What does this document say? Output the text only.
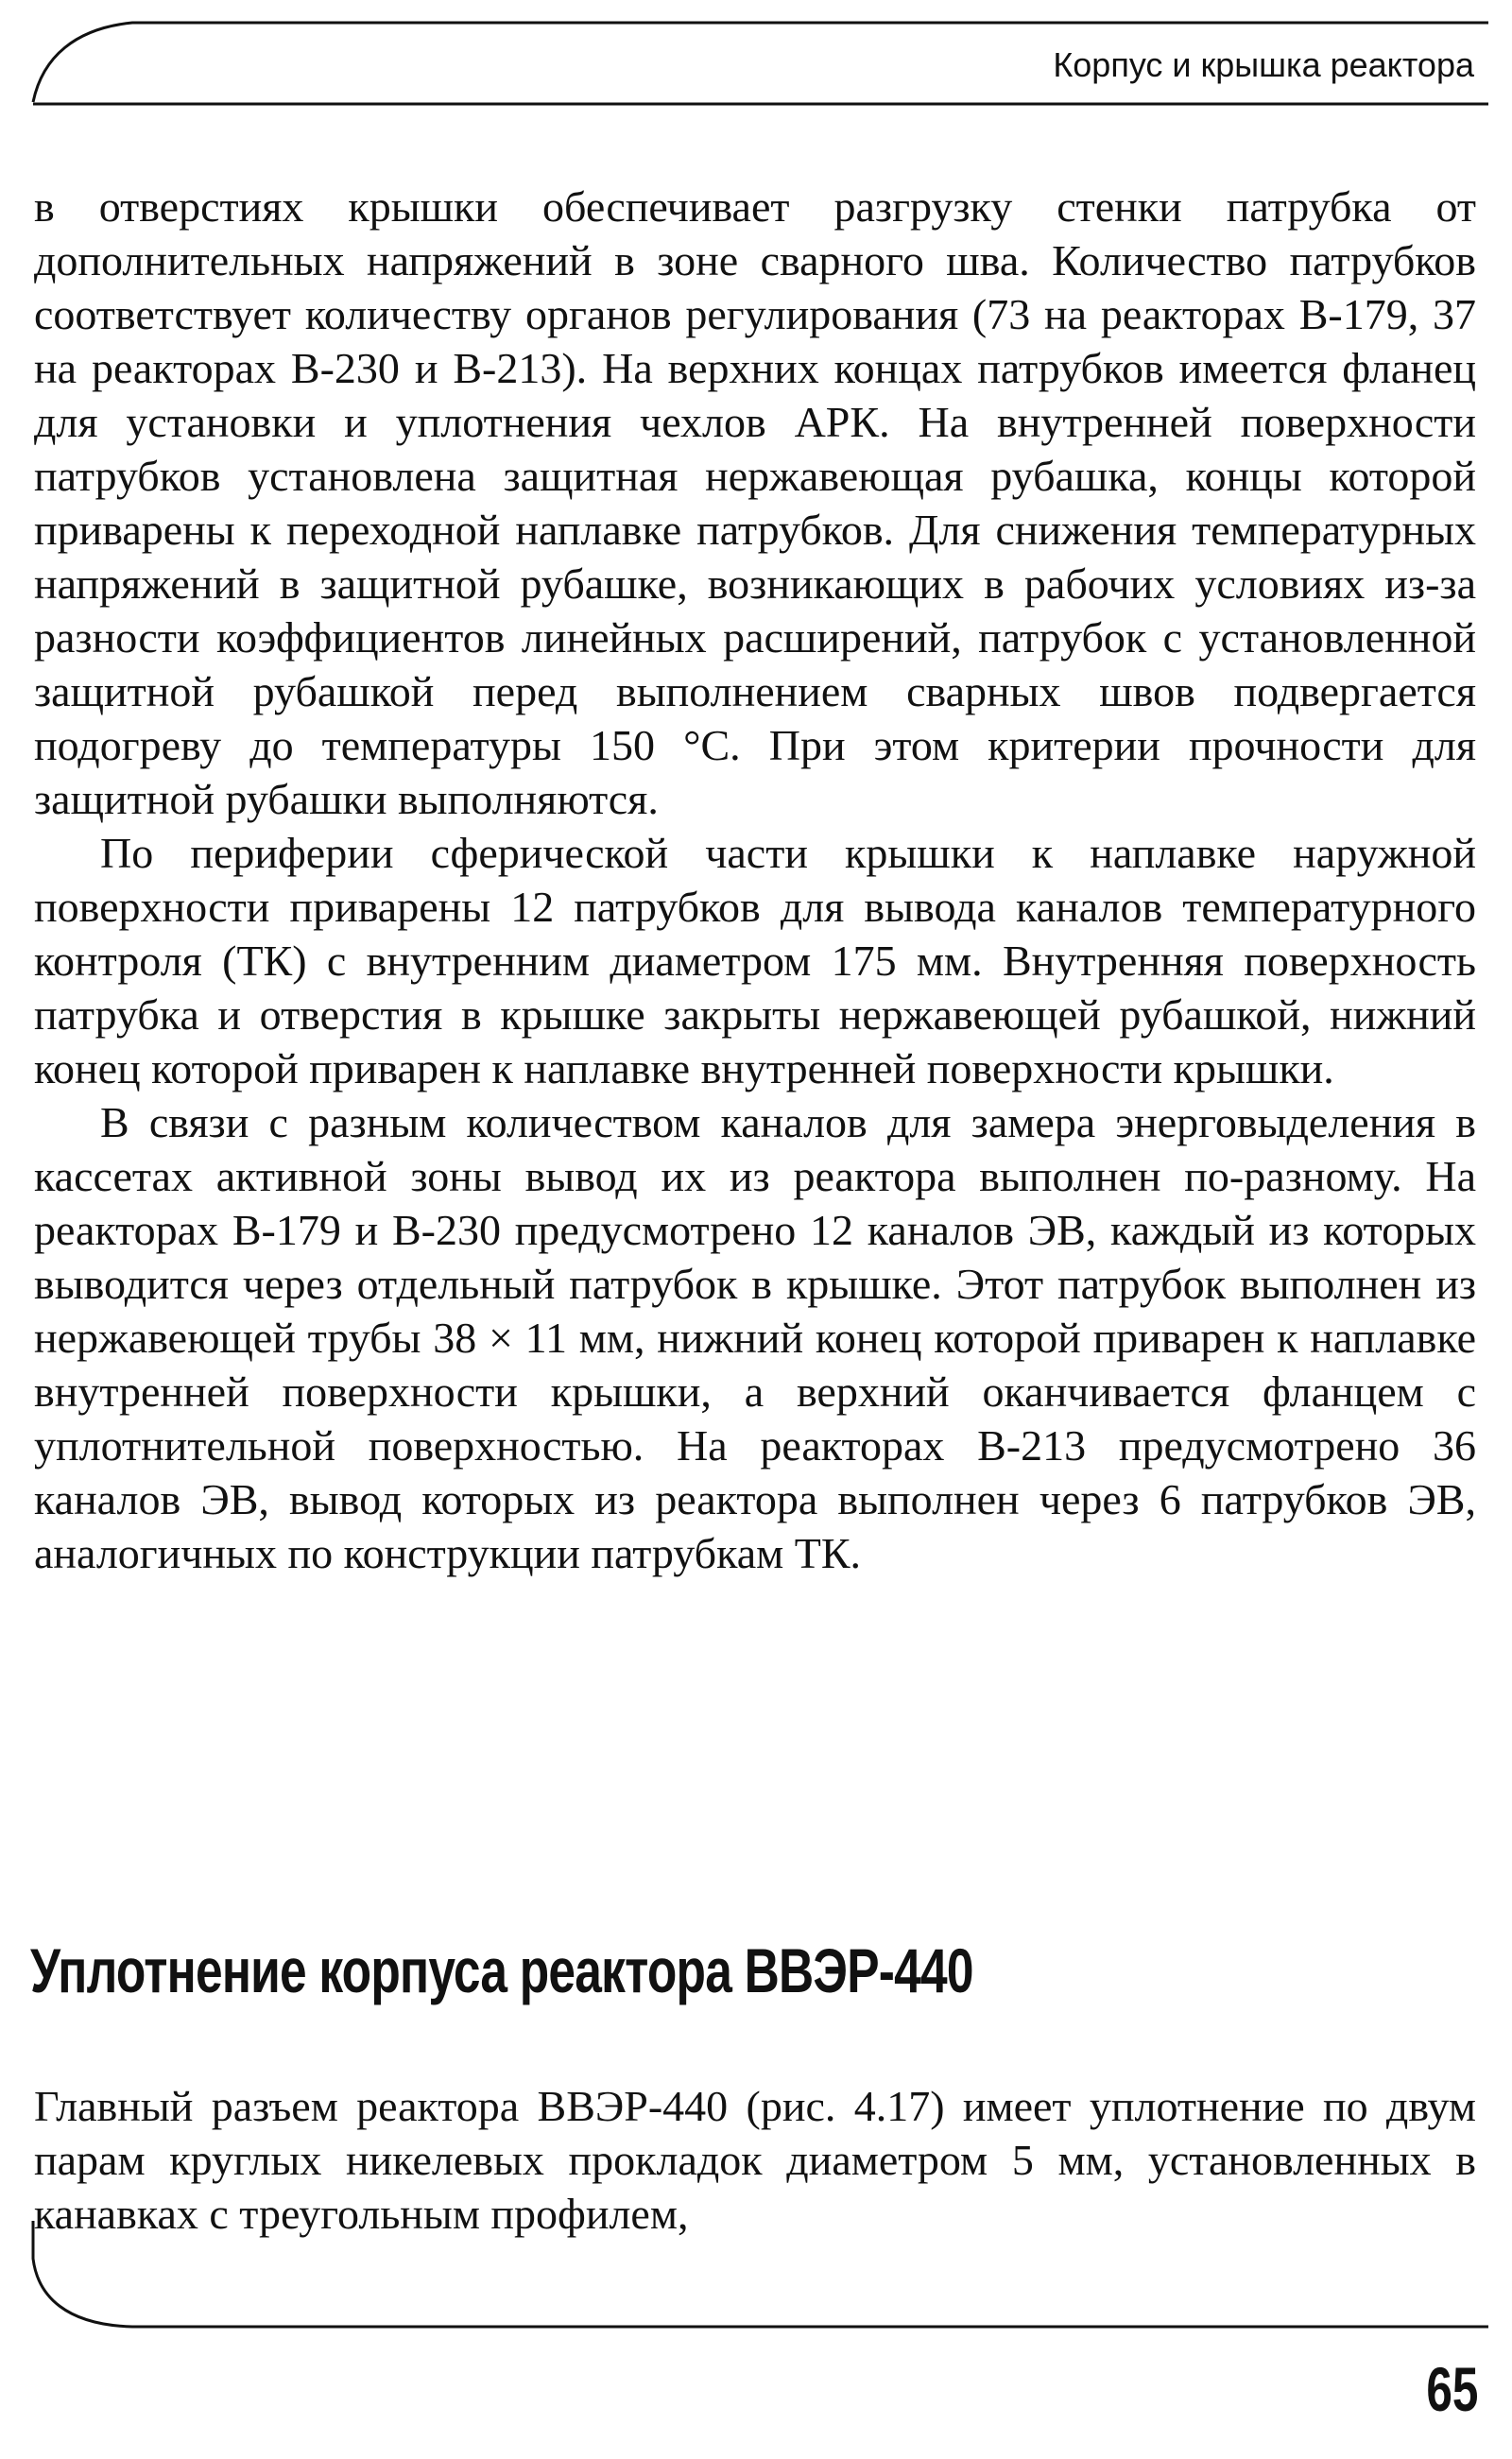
Корпус и крышка реактора

в отверстиях крышки обеспечивает разгрузку стенки патрубка от дополнительных напряжений в зоне сварного шва. Количество патрубков соответствует количеству органов регулирования (73 на реакторах В-179, 37 на реакторах В-230 и В-213). На верхних концах патрубков имеется фланец для установки и уплотнения чехлов АРК. На внутренней поверхности патрубков установлена защитная нержавеющая рубашка, концы которой приварены к переходной наплавке патрубков. Для снижения температурных напряжений в защитной рубашке, возникающих в рабочих условиях из-за разности коэффициентов линейных расширений, патрубок с установленной защитной рубашкой перед выполнением сварных швов подвергается подогреву до температуры 150 °С. При этом критерии прочности для защитной рубашки выполняются.

По периферии сферической части крышки к наплавке наружной поверхности приварены 12 патрубков для вывода каналов температурного контроля (ТК) с внутренним диаметром 175 мм. Внутренняя поверхность патрубка и отверстия в крышке закрыты нержавеющей рубашкой, нижний конец которой приварен к наплавке внутренней поверхности крышки.

В связи с разным количеством каналов для замера энерговыделения в кассетах активной зоны вывод их из реактора выполнен по-разному. На реакторах В-179 и В-230 предусмотрено 12 каналов ЭВ, каждый из которых выводится через отдельный патрубок в крышке. Этот патрубок выполнен из нержавеющей трубы 38 × 11 мм, нижний конец которой приварен к наплавке внутренней поверхности крышки, а верхний оканчивается фланцем с уплотнительной поверхностью. На реакторах В-213 предусмотрено 36 каналов ЭВ, вывод которых из реактора выполнен через 6 патрубков ЭВ, аналогичных по конструкции патрубкам ТК.

Уплотнение корпуса реактора ВВЭР-440

Главный разъем реактора ВВЭР-440 (рис. 4.17) имеет уплотнение по двум парам круглых никелевых прокладок диаметром 5 мм, установленных в канавках с треугольным профилем,

65
